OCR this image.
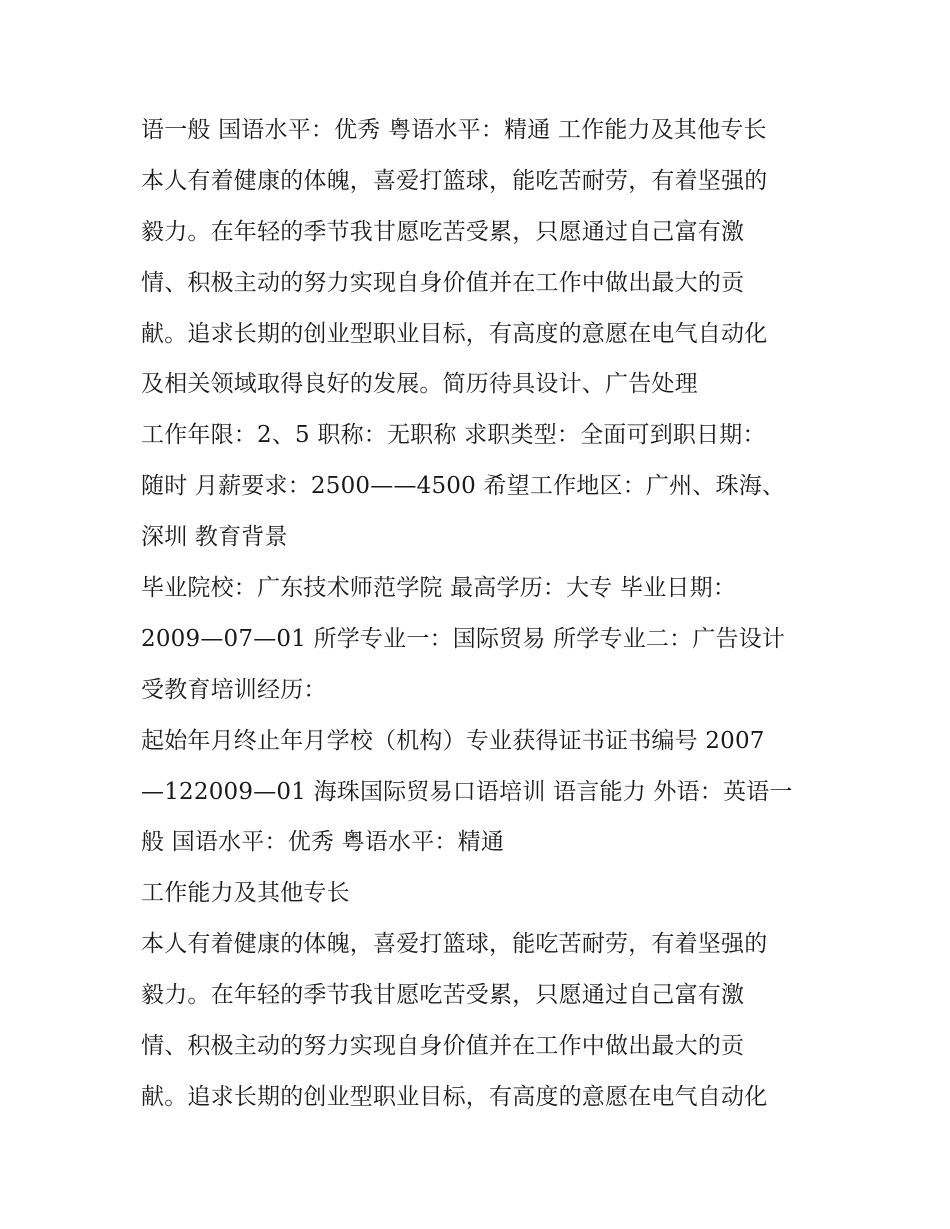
语一般 国语水平：优秀 粤语水平：精通 工作能力及其他专长
本人有着健康的体魄，喜爱打篮球，能吃苦耐劳，有着坚强的
毅力。在年轻的季节我甘愿吃苦受累，只愿通过自己富有激
情、积极主动的努力实现自身价值并在工作中做出最大的贡
献。追求长期的创业型职业目标，有高度的意愿在电气自动化
及相关领域取得良好的发展。简历待具设计、广告处理
工作年限：2、5 职称：无职称 求职类型：全面可到职日期：
随时 月薪要求：2500——4500 希望工作地区：广州、珠海、
深圳 教育背景
毕业院校：广东技术师范学院 最高学历：大专 毕业日期：
2009—07—01 所学专业一：国际贸易 所学专业二：广告设计
受教育培训经历：
起始年月终止年月学校（机构）专业获得证书证书编号 2007
—122009—01 海珠国际贸易口语培训 语言能力 外语：英语一
般 国语水平：优秀 粤语水平：精通
工作能力及其他专长
本人有着健康的体魄，喜爱打篮球，能吃苦耐劳，有着坚强的
毅力。在年轻的季节我甘愿吃苦受累，只愿通过自己富有激
情、积极主动的努力实现自身价值并在工作中做出最大的贡
献。追求长期的创业型职业目标，有高度的意愿在电气自动化
